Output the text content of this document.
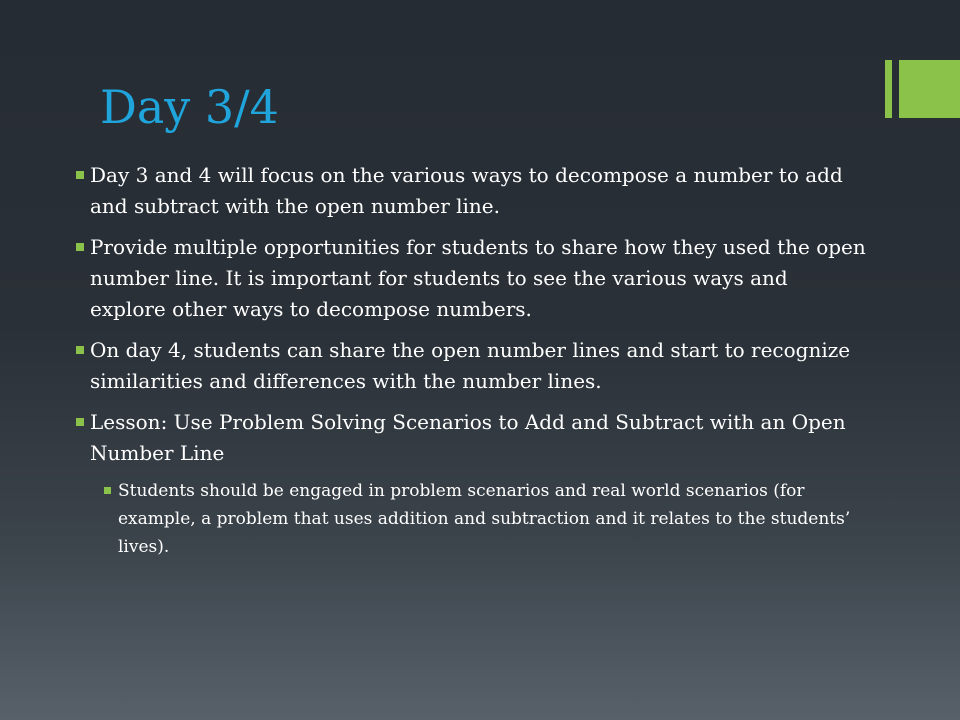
Day 3/4
Day 3 and 4 will focus on the various ways to decompose a number to add and subtract with the open number line.
Provide multiple opportunities for students to share how they used the open number line. It is important for students to see the various ways and explore other ways to decompose numbers.
On day 4, students can share the open number lines and start to recognize similarities and differences with the number lines.
Lesson: Use Problem Solving Scenarios to Add and Subtract with an Open Number Line
Students should be engaged in problem scenarios and real world scenarios (for example, a problem that uses addition and subtraction and it relates to the students’ lives).
